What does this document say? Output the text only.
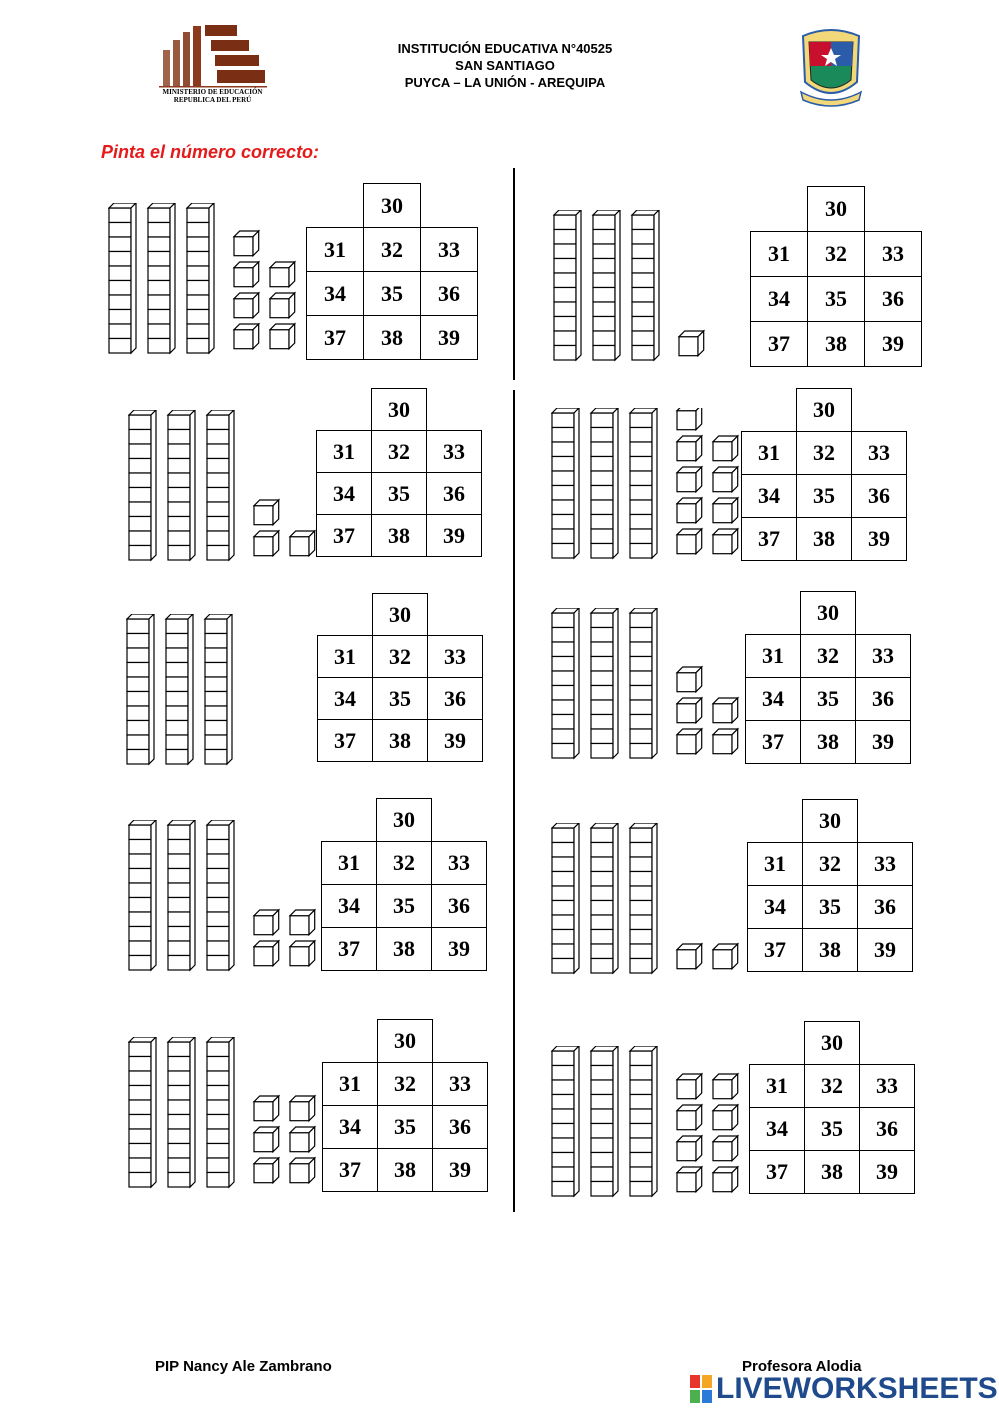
MINISTERIO DE EDUCACIÓN
REPUBLICA DEL PERÚ
INSTITUCIÓN EDUCATIVA N°40525
SAN SANTIAGO
PUYCA – LA UNIÓN - AREQUIPA
Pinta el número correcto:
30
31	32	33
34	35	36
37	38	39
30
31	32	33
34	35	36
37	38	39
30
31	32	33
34	35	36
37	38	39
30
31	32	33
34	35	36
37	38	39
30
31	32	33
34	35	36
37	38	39
30
31	32	33
34	35	36
37	38	39
30
31	32	33
34	35	36
37	38	39
30
31	32	33
34	35	36
37	38	39
30
31	32	33
34	35	36
37	38	39
30
31	32	33
34	35	36
37	38	39
PIP Nancy Ale Zambrano	Profesora Alodia
LIVEWORKSHEETS
